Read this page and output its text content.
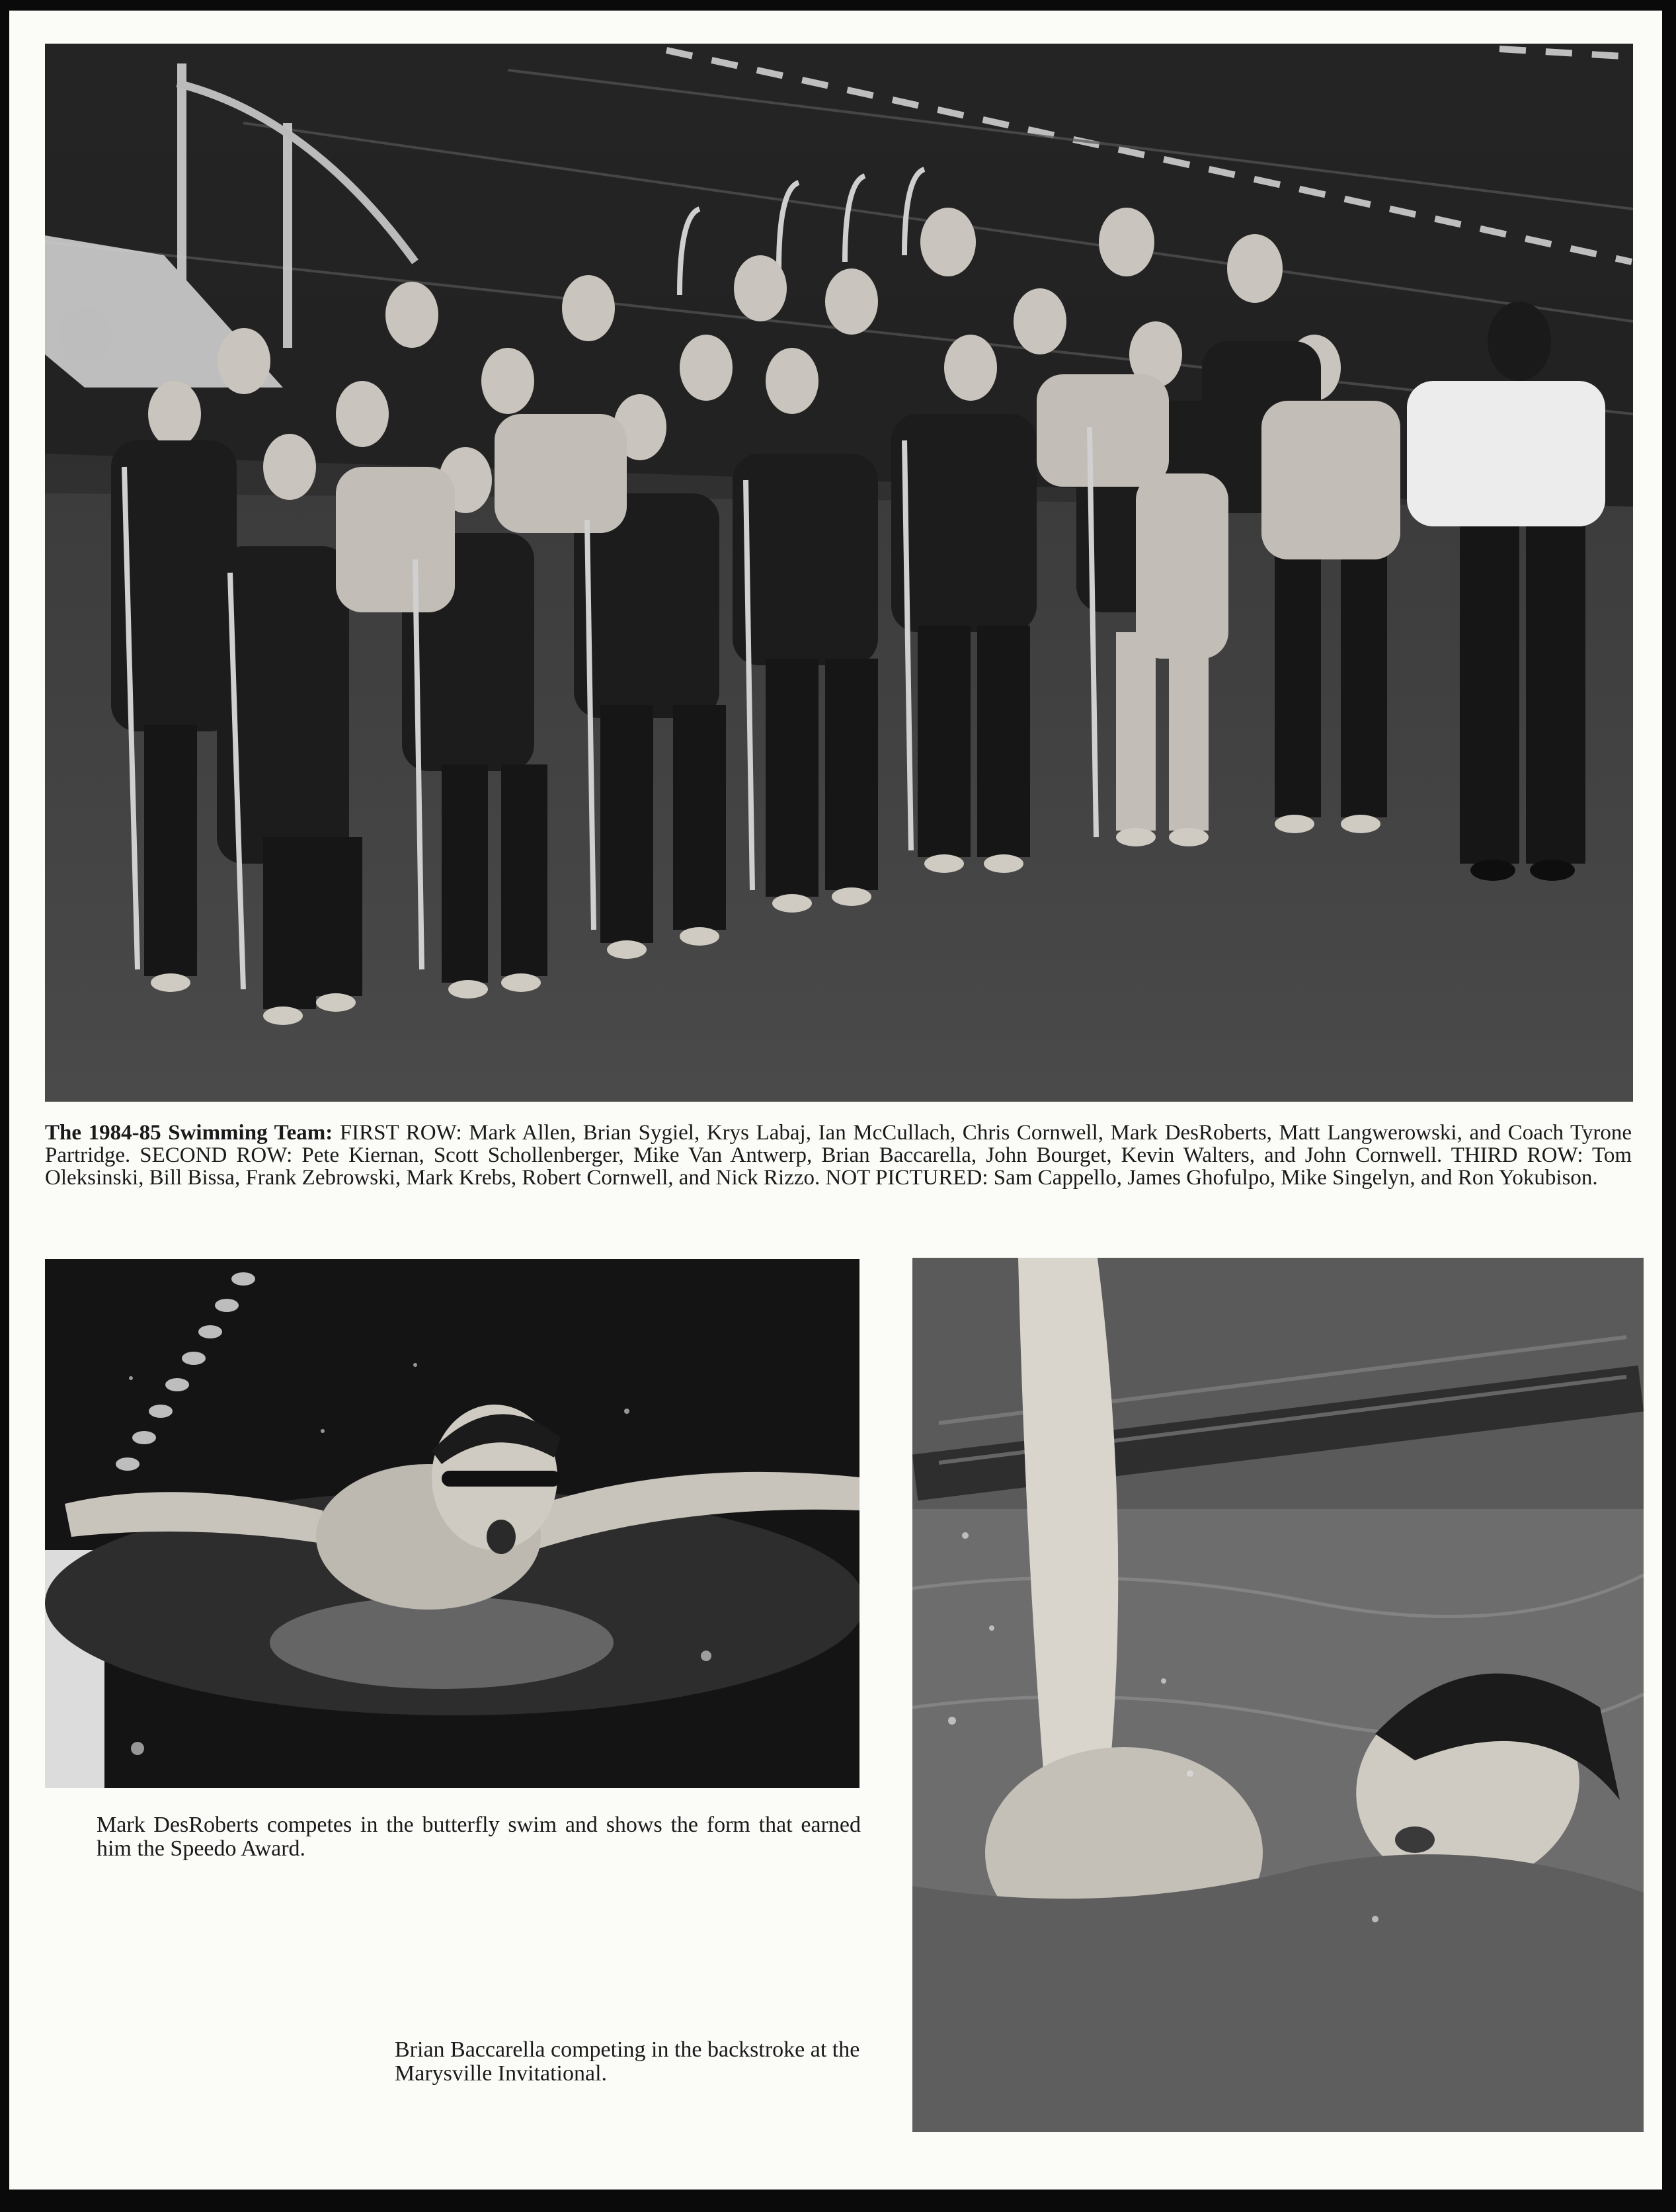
The 1984-85 Swimming Team: FIRST ROW: Mark Allen, Brian Sygiel, Krys Labaj, Ian McCullach, Chris Cornwell, Mark DesRoberts, Matt Langwerowski, and Coach Tyrone Partridge. SECOND ROW: Pete Kiernan, Scott Schollenberger, Mike Van Antwerp, Brian Baccarella, John Bourget, Kevin Walters, and John Cornwell. THIRD ROW: Tom Oleksinski, Bill Bissa, Frank Zebrowski, Mark Krebs, Robert Cornwell, and Nick Rizzo. NOT PICTURED: Sam Cappello, James Ghofulpo, Mike Singelyn, and Ron Yokubison.
Mark DesRoberts competes in the butterfly swim and shows the form that earned him the Speedo Award.
Brian Baccarella competing in the backstroke at the Marysville Invitational.
